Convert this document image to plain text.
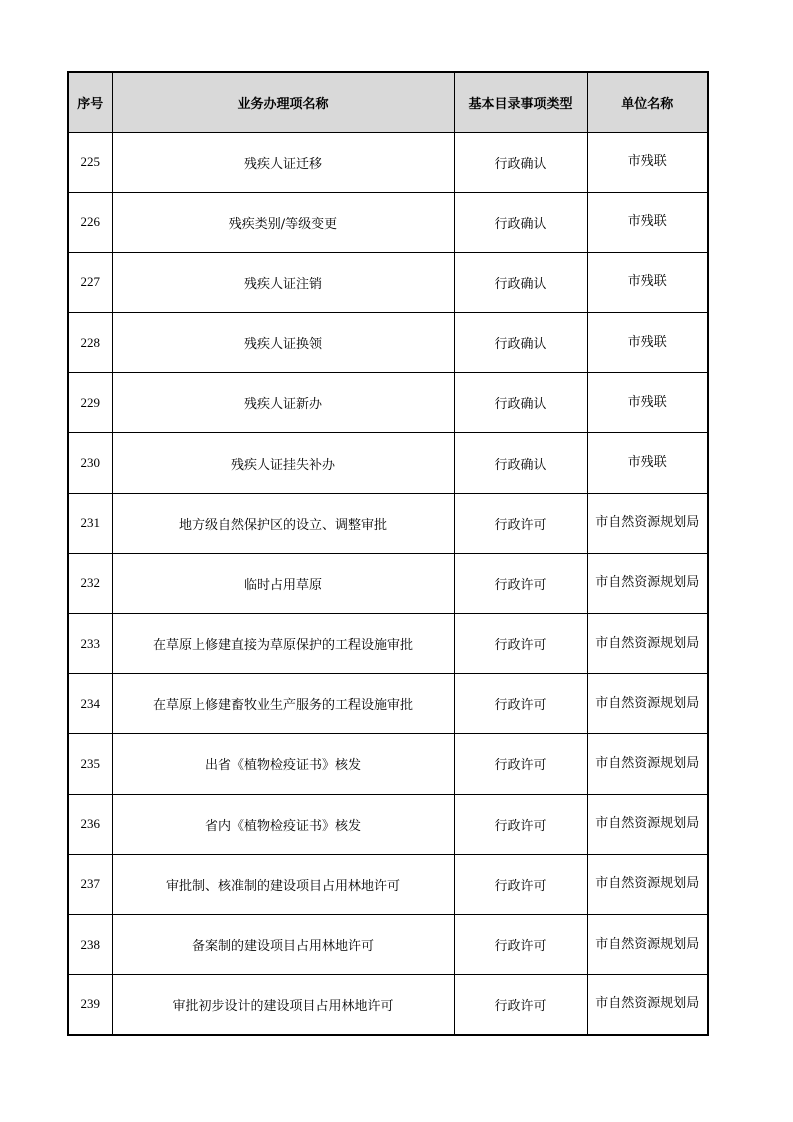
序号	业务办理项名称	基本目录事项类型	单位名称
225	残疾人证迁移	行政确认	市残联
226	残疾类别/等级变更	行政确认	市残联
227	残疾人证注销	行政确认	市残联
228	残疾人证换领	行政确认	市残联
229	残疾人证新办	行政确认	市残联
230	残疾人证挂失补办	行政确认	市残联
231	地方级自然保护区的设立、调整审批	行政许可	市自然资源规划局
232	临时占用草原	行政许可	市自然资源规划局
233	在草原上修建直接为草原保护的工程设施审批	行政许可	市自然资源规划局
234	在草原上修建畜牧业生产服务的工程设施审批	行政许可	市自然资源规划局
235	出省《植物检疫证书》核发	行政许可	市自然资源规划局
236	省内《植物检疫证书》核发	行政许可	市自然资源规划局
237	审批制、核准制的建设项目占用林地许可	行政许可	市自然资源规划局
238	备案制的建设项目占用林地许可	行政许可	市自然资源规划局
239	审批初步设计的建设项目占用林地许可	行政许可	市自然资源规划局
